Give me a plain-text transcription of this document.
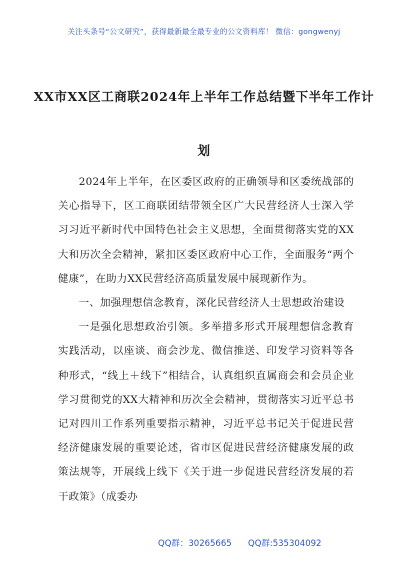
关注头条号“公文研究”，获得最新最全最专业的公文资料库！ 微信：gongwenyj
XX市XX区工商联2024年上半年工作总结暨下半年工作计划

2024年上半年，在区委区政府的正确领导和区委统战部的关心指导下，区工商联团结带领全区广大民营经济人士深入学习习近平新时代中国特色社会主义思想，全面贯彻落实党的XX大和历次全会精神，紧扣区委区政府中心工作，全面服务“两个健康”，在助力XX民营经济高质量发展中展现新作为。

一、加强理想信念教育，深化民营经济人士思想政治建设

一是强化思想政治引领。多举措多形式开展理想信念教育实践活动，以座谈、商会沙龙、微信推送、印发学习资料等各种形式，“线上＋线下”相结合，认真组织直属商会和会员企业学习贯彻党的XX大精神和历次全会精神，贯彻落实习近平总书记对四川工作系列重要指示精神，习近平总书记关于促进民营经济健康发展的重要论述，省市区促进民营经济健康发展的政策法规等，开展线上线下《关于进一步促进民营经济发展的若干政策》（成委办

QQ群：30265665 QQ群:535304092
